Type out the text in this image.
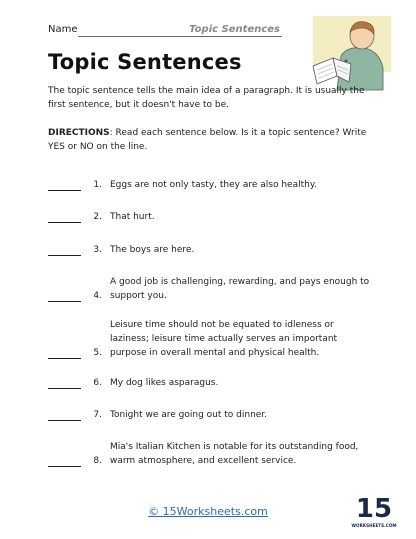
Name	Topic Sentences
Topic Sentences
The topic sentence tells the main idea of a paragraph. It is usually the first sentence, but it doesn't have to be.
DIRECTIONS: Read each sentence below. Is it a topic sentence? Write YES or NO on the line.
1. Eggs are not only tasty, they are also healthy.
2. That hurt.
3. The boys are here.
4.
A good job is challenging, rewarding, and pays enough to support you.
5.
Leisure time should not be equated to idleness or laziness; leisure time actually serves an important purpose in overall mental and physical health.
6. My dog likes asparagus.
7. Tonight we are going out to dinner.
8.
Mia's Italian Kitchen is notable for its outstanding food, warm atmosphere, and excellent service.
© 15Worksheets.com	15
WORKSHEETS.COM
